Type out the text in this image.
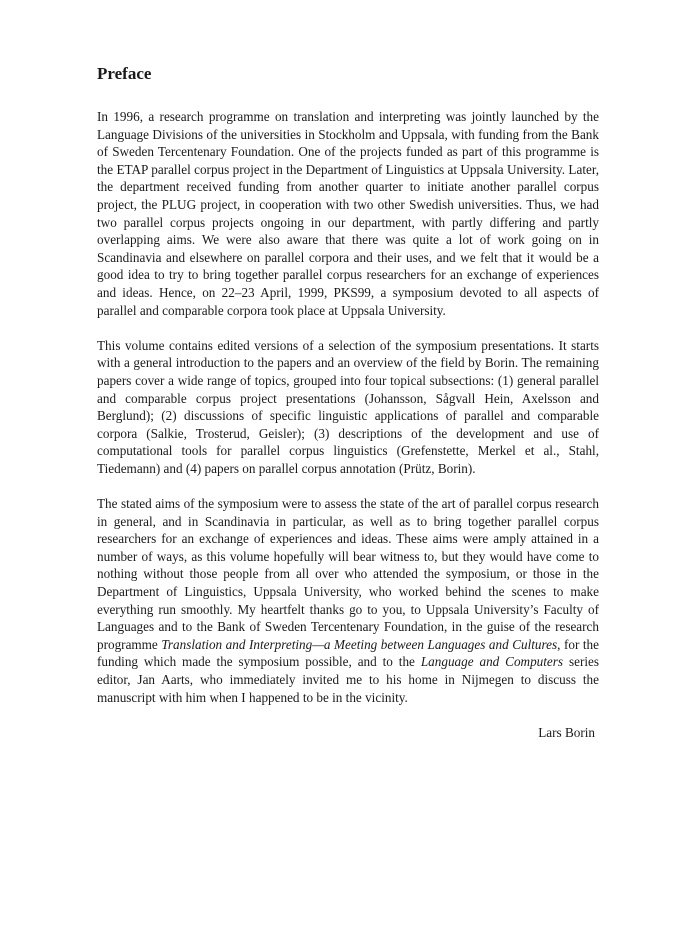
Preface

In 1996, a research programme on translation and interpreting was jointly launched by the Language Divisions of the universities in Stockholm and Uppsala, with funding from the Bank of Sweden Tercentenary Foundation. One of the projects funded as part of this programme is the ETAP parallel corpus project in the Department of Linguistics at Uppsala University. Later, the department received funding from another quarter to initiate another parallel corpus project, the PLUG project, in cooperation with two other Swedish universities. Thus, we had two parallel corpus projects ongoing in our department, with partly differing and partly overlapping aims. We were also aware that there was quite a lot of work going on in Scandinavia and elsewhere on parallel corpora and their uses, and we felt that it would be a good idea to try to bring together parallel corpus researchers for an exchange of experiences and ideas. Hence, on 22–23 April, 1999, PKS99, a symposium devoted to all aspects of parallel and comparable corpora took place at Uppsala University.

This volume contains edited versions of a selection of the symposium presentations. It starts with a general introduction to the papers and an overview of the field by Borin. The remaining papers cover a wide range of topics, grouped into four topical subsections: (1) general parallel and comparable corpus project presentations (Johansson, Sågvall Hein, Axelsson and Berglund); (2) discussions of specific linguistic applications of parallel and comparable corpora (Salkie, Trosterud, Geisler); (3) descriptions of the development and use of computational tools for parallel corpus linguistics (Grefenstette, Merkel et al., Stahl, Tiedemann) and (4) papers on parallel corpus annotation (Prütz, Borin).

The stated aims of the symposium were to assess the state of the art of parallel corpus research in general, and in Scandinavia in particular, as well as to bring together parallel corpus researchers for an exchange of experiences and ideas. These aims were amply attained in a number of ways, as this volume hopefully will bear witness to, but they would have come to nothing without those people from all over who attended the symposium, or those in the Department of Linguistics, Uppsala University, who worked behind the scenes to make everything run smoothly. My heartfelt thanks go to you, to Uppsala University’s Faculty of Languages and to the Bank of Sweden Tercentenary Foundation, in the guise of the research programme Translation and Interpreting—a Meeting between Languages and Cultures, for the funding which made the symposium possible, and to the Language and Computers series editor, Jan Aarts, who immediately invited me to his home in Nijmegen to discuss the manuscript with him when I happened to be in the vicinity.

Lars Borin
